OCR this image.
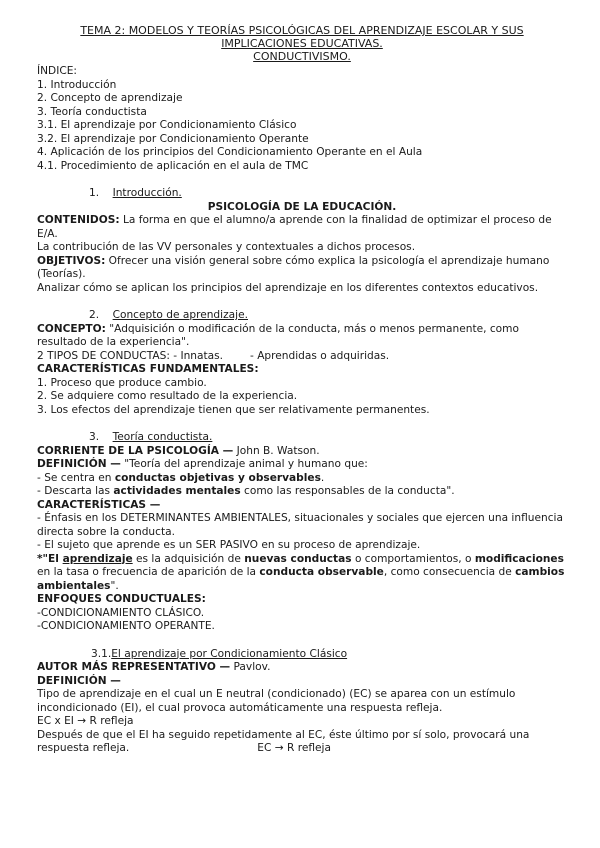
TEMA 2: MODELOS Y TEORÍAS PSICOLÓGICAS DEL APRENDIZAJE ESCOLAR Y SUS
IMPLICACIONES EDUCATIVAS.
CONDUCTIVISMO.
ÍNDICE:
1. Introducción
2. Concepto de aprendizaje
3. Teoría conductista
3.1. El aprendizaje por Condicionamiento Clásico
3.2. El aprendizaje por Condicionamiento Operante
4. Aplicación de los principios del Condicionamiento Operante en el Aula
4.1. Procedimiento de aplicación en el aula de TMC
1. Introducción.
PSICOLOGÍA DE LA EDUCACIÓN.
CONTENIDOS: La forma en que el alumno/a aprende con la finalidad de optimizar el proceso de E/A.
La contribución de las VV personales y contextuales a dichos procesos.
OBJETIVOS: Ofrecer una visión general sobre cómo explica la psicología el aprendizaje humano (Teorías).
Analizar cómo se aplican los principios del aprendizaje en los diferentes contextos educativos.
2. Concepto de aprendizaje.
CONCEPTO: "Adquisición o modificación de la conducta, más o menos permanente, como resultado de la experiencia".
2 TIPOS DE CONDUCTAS: - Innatas.	- Aprendidas o adquiridas.
CARACTERÍSTICAS FUNDAMENTALES:
1. Proceso que produce cambio.
2. Se adquiere como resultado de la experiencia.
3. Los efectos del aprendizaje tienen que ser relativamente permanentes.
3. Teoría conductista.
CORRIENTE DE LA PSICOLOGÍA — John B. Watson.
DEFINICIÓN — "Teoría del aprendizaje animal y humano que:
- Se centra en conductas objetivas y observables.
- Descarta las actividades mentales como las responsables de la conducta".
CARACTERÍSTICAS —
- Énfasis en los DETERMINANTES AMBIENTALES, situacionales y sociales que ejercen una influencia directa sobre la conducta.
- El sujeto que aprende es un SER PASIVO en su proceso de aprendizaje.
*"El aprendizaje es la adquisición de nuevas conductas o comportamientos, o modificaciones en la tasa o frecuencia de aparición de la conducta observable, como consecuencia de cambios ambientales".
ENFOQUES CONDUCTUALES:
-CONDICIONAMIENTO CLÁSICO.
-CONDICIONAMIENTO OPERANTE.
3.1.El aprendizaje por Condicionamiento Clásico
AUTOR MÁS REPRESENTATIVO — Pavlov.
DEFINICIÓN —
Tipo de aprendizaje en el cual un E neutral (condicionado) (EC) se aparea con un estímulo incondicionado (EI), el cual provoca automáticamente una respuesta refleja.
EC x EI → R refleja
Después de que el EI ha seguido repetidamente al EC, éste último por sí solo, provocará una respuesta refleja.	EC → R refleja
